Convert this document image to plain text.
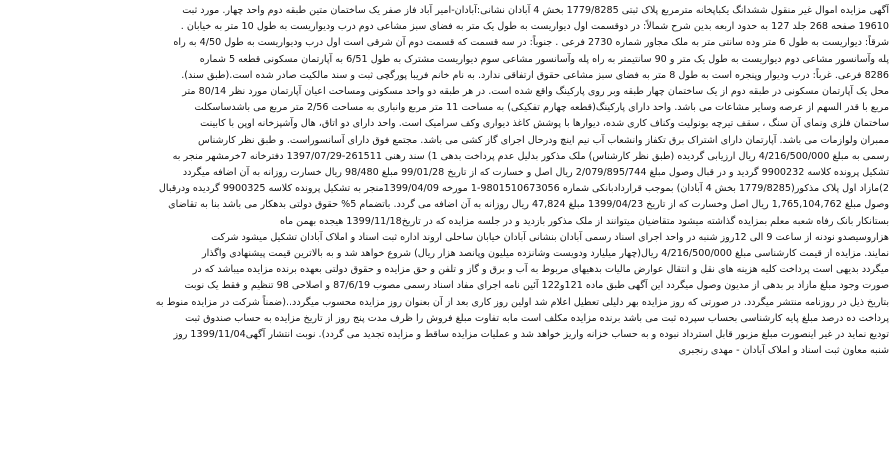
آگهی مزایده اموال غیر منقول ششدانگ یکباپخانه مترمربع پلاک ثبتی 1779/8285 بخش 4 آبادان نشانی:آبادان-امیر آباد فاز صفر یک ساختمان متین طبقه دوم واحد چهار. مورد ثبت
19610 صفحه 268 جلد 127 به حدود اربعه بدین شرح شمالاً: در دوقسمت اول دیواریست به طول یک متر به فضای سبز مشاعی دوم درب ودیواریست به طول 10 متر به خیابان .
شرقاً: دیواریست به طول 6 متر وده سانتی متر به ملک مجاور شماره 2730 فرعی . جنوباً: در سه قسمت که قسمت دوم آن شرقی است اول درب ودیواریست به طول 4/50 به راه
پله وآسانسور مشاعی دوم دیواریست به طول یک متر و 90 سانتیمتر به راه پله وآسانسور مشاعی سوم دیواریست مشترک به طول 6/51 به آپارتمان مسکونی قطعه 5 شماره
8286 فرعی. غرباً: درب ودیوار وپنجره است به طول 8 متر به فضای سبز مشاعی حقوق ارتفاقی ندارد. به نام خانم فریبا پورگچی ثبت و سند مالکیت صادر شده است.(طبق سند).
محل یک آپارتمان مسکونی در طبقه دوم از یک ساختمان چهار طبقه وبر روی پارکینگ واقع شده است. در هر طبقه دو واحد مسکونی ومساحت اعیان آپارتمان مورد نظر 80/14 متر
مربع با قدر السهم از عرصه وسایر مشاعات می باشد. واحد دارای پارکینگ(قطعه چهارم تفکیکی) به مساحت 11 متر مربع وانباری به مساحت 2/56 متر مربع می باشدساسکلت
ساختمان فلزی ونمای آن سنگ ، سقف تیرچه بونولیت وکناف کاری شده، دیوارها با پوشش کاغذ دیواری وکف سرامیک است. واحد دارای دو اتاق، هال وآشپزخانه اوپن با کابینت
ممبران ولوازمات می باشد. آپارتمان دارای اشتراک برق تکفاز وانشعاب آب نیم اینچ ودرحال اجرای گاز کشی می باشد. مجتمع فوق دارای آسانسوراست. و طبق نظر کارشناس
رسمی به مبلغ 4/216/500/000 ریال ارزیابی گردیده (طبق نظر کارشناس) ملک مذکور بدلیل عدم پرداخت بدهی 1) سند رهنی 261511-1397/07/29 دفترخانه 7خرمشهر منجر به
تشکیل پرونده کلاسه 9900232 گردید و در قبال وصول مبلغ 2/079/895/744 ریال اصل و خسارت که از تاریخ 99/01/28 مبلغ 98/480 ریال خسارت روزانه به آن اضافه میگردد
2)مازاد اول پلاک مذکور(1779/8285 بخش 4 آبادان) بموجب قراردادبانکی شماره 9801510673056-1 مورخه 1399/04/09منجر به تشکیل پرونده کلاسه 9900325 گردیده ودرقبال
وصول مبلغ 1,765,104,762 ریال اصل وخسارت که از تاریخ 1399/04/23 مبلغ 47,824 ریال روزانه به آن اضافه می گردد. باتضمام 5% حقوق دولتی بدهکار می باشد بنا به تقاضای
بستانکار بانک رفاه شعبه معلم بمزایده گذاشته میشود متقاضیان میتوانند از ملک مذکور بازدید و در جلسه مزایده که در تاریخ1399/11/18 هیجده بهمن ماه
هزاروسیصدو نودنه از ساعت 9 الی 12روز شنبه در واحد اجرای اسناد رسمی آبادان بنشانی آبادان خیابان ساحلی اروند اداره ثبت اسناد و املاک آبادان تشکیل میشود شرکت
نمایند. مزایده از قیمت کارشناسی مبلغ 4/216/500/000 ریال(چهار میلیارد ودویست وشانزده میلیون وپانصد هزار ریال) شروع خواهد شد و به بالاترین قیمت پیشنهادی واگذار
میگردد بدیهی است پرداخت کلیه هزینه های نقل و انتقال عوارض مالیات بدهیهای مربوط به آب و برق و گاز و تلفن و حق مزایده و حقوق دولتی بعهده برنده مزایده میباشد که در
صورت وجود مبلغ مازاد بر بدهی از مدیون وصول میگردد این آگهی طبق ماده 121و122 آئین نامه اجرای مفاد اسناد رسمی مصوب 87/6/19 و اصلاحی 98 تنظیم و فقط یک نوبت
بتاریخ ذیل در روزنامه منتشر میگردد. در صورتی که روز مزایده بهر دلیلی تعطیل اعلام شد اولین روز کاری بعد از آن بعنوان روز مزایده محسوب میگردد..(ضمناً شرکت در مزایده منوط به
پرداخت ده درصد مبلغ پایه کارشناسی بحساب سپرده ثبت می باشد برنده مزایده مکلف است مابه تفاوت مبلغ فروش را ظرف مدت پنج روز از تاریخ مزایده به حساب صندوق ثبت
تودیع نماید در غیر اینصورت مبلغ مزبور قابل استرداد نبوده و به حساب خزانه واریز خواهد شد و عملیات مزایده ساقط و مزایده تجدید می گردد). نوبت انتشار آگهی1399/11/04 روز
شنبه معاون ثبت اسناد و املاک آبادان - مهدی رنجبری
